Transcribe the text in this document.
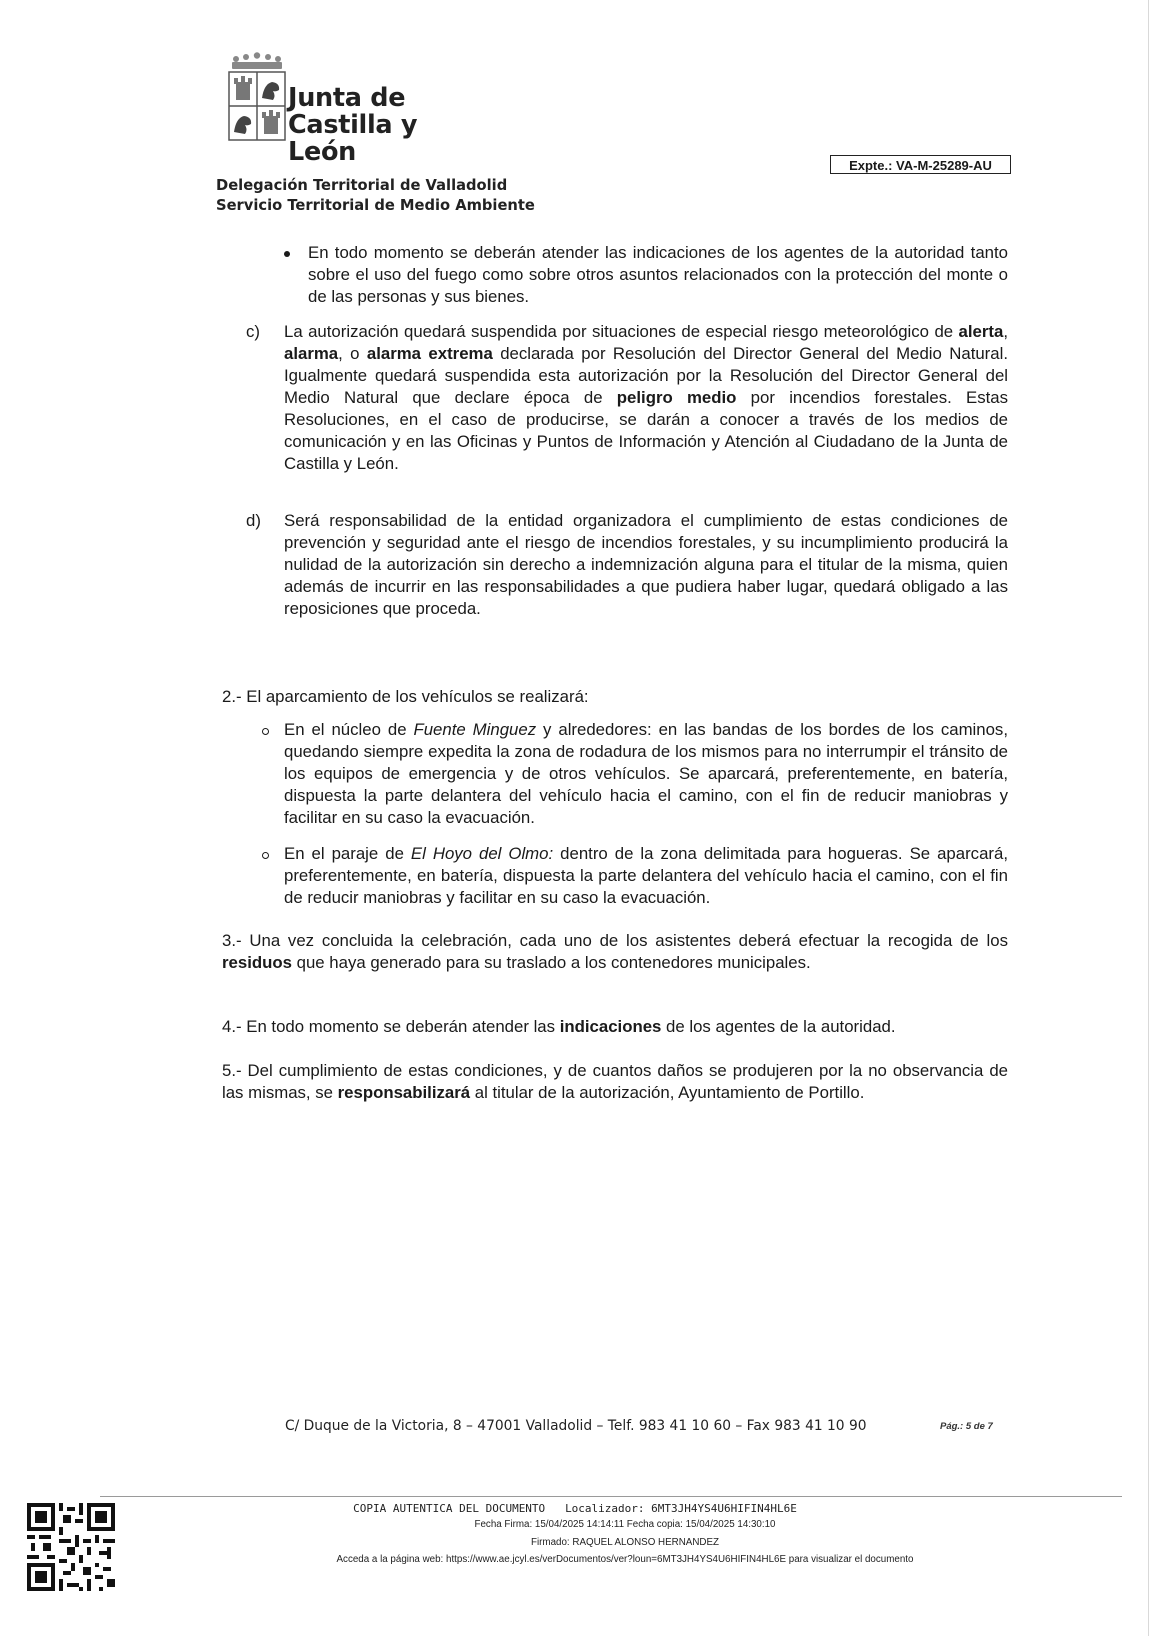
Junta de
Castilla y León	Expte.: VA-M-25289-AU
Delegación Territorial de Valladolid
Servicio Territorial de Medio Ambiente

En todo momento se deberán atender las indicaciones de los agentes de la autoridad tanto sobre el uso del fuego como sobre otros asuntos relacionados con la protección del monte o de las personas y sus bienes.

c) La autorización quedará suspendida por situaciones de especial riesgo meteorológico de alerta, alarma, o alarma extrema declarada por Resolución del Director General del Medio Natural. Igualmente quedará suspendida esta autorización por la Resolución del Director General del Medio Natural que declare época de peligro medio por incendios forestales. Estas Resoluciones, en el caso de producirse, se darán a conocer a través de los medios de comunicación y en las Oficinas y Puntos de Información y Atención al Ciudadano de la Junta de Castilla y León.

d) Será responsabilidad de la entidad organizadora el cumplimiento de estas condiciones de prevención y seguridad ante el riesgo de incendios forestales, y su incumplimiento producirá la nulidad de la autorización sin derecho a indemnización alguna para el titular de la misma, quien además de incurrir en las responsabilidades a que pudiera haber lugar, quedará obligado a las reposiciones que proceda.

2.- El aparcamiento de los vehículos se realizará:

En el núcleo de Fuente Minguez y alrededores: en las bandas de los bordes de los caminos, quedando siempre expedita la zona de rodadura de los mismos para no interrumpir el tránsito de los equipos de emergencia y de otros vehículos. Se aparcará, preferentemente, en batería, dispuesta la parte delantera del vehículo hacia el camino, con el fin de reducir maniobras y facilitar en su caso la evacuación.

En el paraje de El Hoyo del Olmo: dentro de la zona delimitada para hogueras. Se aparcará, preferentemente, en batería, dispuesta la parte delantera del vehículo hacia el camino, con el fin de reducir maniobras y facilitar en su caso la evacuación.

3.- Una vez concluida la celebración, cada uno de los asistentes deberá efectuar la recogida de los residuos que haya generado para su traslado a los contenedores municipales.

4.- En todo momento se deberán atender las indicaciones de los agentes de la autoridad.

5.- Del cumplimiento de estas condiciones, y de cuantos daños se produjeren por la no observancia de las mismas, se responsabilizará al titular de la autorización, Ayuntamiento de Portillo.

C/ Duque de la Victoria, 8 – 47001 Valladolid – Telf. 983 41 10 60 – Fax 983 41 10 90	Pág.: 5 de 7
COPIA AUTENTICA DEL DOCUMENTO Localizador: 6MT3JH4YS4U6HIFIN4HL6E
Fecha Firma: 15/04/2025 14:14:11 Fecha copia: 15/04/2025 14:30:10
Firmado: RAQUEL ALONSO HERNANDEZ
Acceda a la página web: https://www.ae.jcyl.es/verDocumentos/ver?loun=6MT3JH4YS4U6HIFIN4HL6E para visualizar el documento
